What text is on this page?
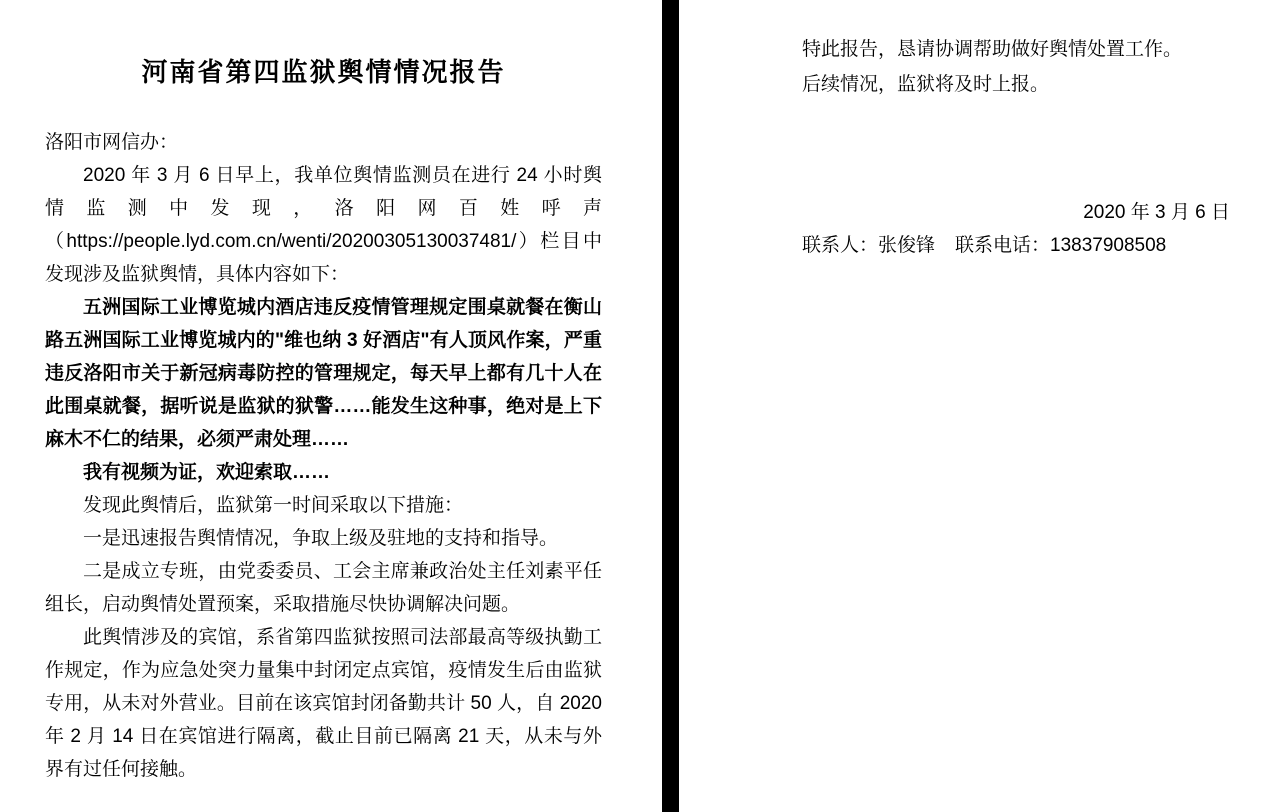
河南省第四监狱舆情情况报告

洛阳市网信办：

2020 年 3 月 6 日早上，我单位舆情监测员在进行 24 小时舆情监测中发现，洛阳网百姓呼声（https://people.lyd.com.cn/wenti/20200305130037481/）栏目中发现涉及监狱舆情，具体内容如下：

五洲国际工业博览城内酒店违反疫情管理规定围桌就餐在衡山路五洲国际工业博览城内的"维也纳 3 好酒店"有人顶风作案，严重违反洛阳市关于新冠病毒防控的管理规定，每天早上都有几十人在此围桌就餐，据听说是监狱的狱警……能发生这种事，绝对是上下麻木不仁的结果，必须严肃处理……

我有视频为证，欢迎索取……

发现此舆情后，监狱第一时间采取以下措施：

一是迅速报告舆情情况，争取上级及驻地的支持和指导。

二是成立专班，由党委委员、工会主席兼政治处主任刘素平任组长，启动舆情处置预案，采取措施尽快协调解决问题。

此舆情涉及的宾馆，系省第四监狱按照司法部最高等级执勤工作规定，作为应急处突力量集中封闭定点宾馆，疫情发生后由监狱专用，从未对外营业。目前在该宾馆封闭备勤共计 50 人，自 2020 年 2 月 14 日在宾馆进行隔离，截止目前已隔离 21 天，从未与外界有过任何接触。

特此报告，恳请协调帮助做好舆情处置工作。

后续情况，监狱将及时上报。

2020 年 3 月 6 日

联系人：张俊锋 联系电话：13837908508
